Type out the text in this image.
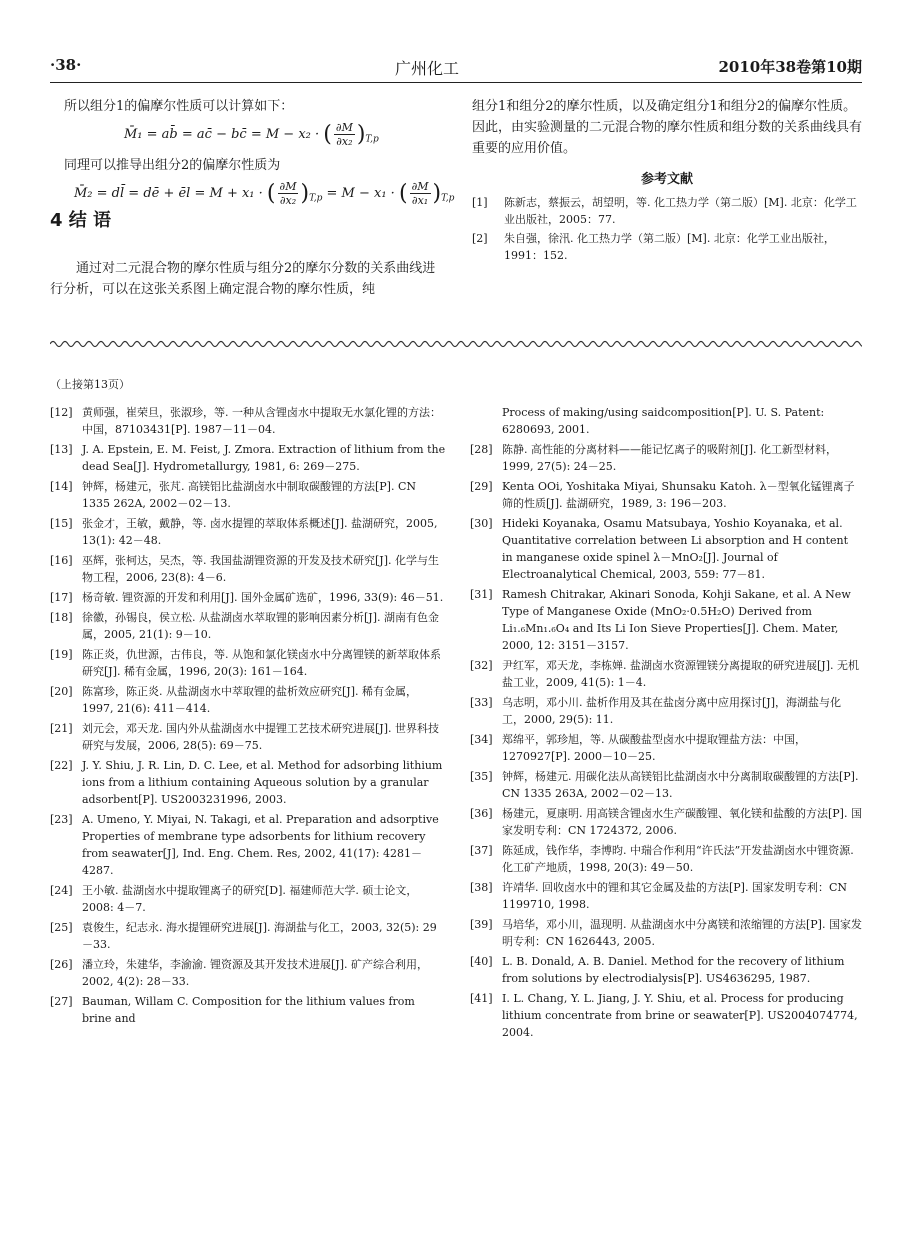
·38·	广州化工	2010年38卷第10期
所以组分1的偏摩尔性质可以计算如下：
M̄₁ = ab̄ = ac̄ − bc̄ = M − x₂ · ( $\frac{\partial M}{\text{∂x₂}} )_{T,p}$
同理可以推导出组分2的偏摩尔性质为
M̄₂ = dl̄ = dē + ēl = M + x₁ · ( $\frac{\partial M}{\text{∂x₂}} )_{T,p} = M - x_1$ · ( $\frac{\partial M}{\text{∂x₁}} )_{T,p}$
4 结 语
通过对二元混合物的摩尔性质与组分2的摩尔分数的关系曲线进行分析，可以在这张关系图上确定混合物的摩尔性质，纯
组分1和组分2的摩尔性质，以及确定组分1和组分2的偏摩尔性质。因此，由实验测量的二元混合物的摩尔性质和组分数的关系曲线具有重要的应用价值。
参考文献
[1]	陈新志，蔡振云，胡望明，等. 化工热力学（第二版）[M]. 北京：化学工业出版社，2005：77.
[2]	朱自强，徐汛. 化工热力学（第二版）[M]. 北京：化学工业出版社，1991：152.
（上接第13页）
[12] 黄师强，崔荣旦，张淑珍，等. 一种从含锂卤水中提取无水氯化锂的方法：中国，87103431[P]. 1987－11－04.
[13] J. A. Epstein, E. M. Feist, J. Zmora. Extraction of lithium from the dead Sea[J]. Hydrometallurgy, 1981, 6: 269－275.
[14] 钟辉，杨建元，张芃. 高镁铝比盐湖卤水中制取碳酸锂的方法[P]. CN 1335 262A, 2002－02－13.
[15] 张金才，王敏，戴静，等. 卤水提锂的萃取体系概述[J]. 盐湖研究，2005, 13(1): 42－48.
[16] 巫辉，张柯达，吴杰，等. 我国盐湖锂资源的开发及技术研究[J]. 化学与生物工程，2006, 23(8): 4－6.
[17] 杨奇敏. 锂资源的开发和利用[J]. 国外金属矿选矿，1996, 33(9): 46－51.
[18] 徐徽，孙锡良，侯立松. 从盐湖卤水萃取锂的影响因素分析[J]. 湖南有色金属，2005, 21(1): 9－10.
[19] 陈正炎，仇世源，古伟良，等. 从饱和氯化镁卤水中分离锂镁的新萃取体系研究[J]. 稀有金属，1996, 20(3): 161－164.
[20] 陈富珍，陈正炎. 从盐湖卤水中萃取锂的盐析效应研究[J]. 稀有金属，1997, 21(6): 411－414.
[21] 刘元会，邓天龙. 国内外从盐湖卤水中提锂工艺技术研究进展[J]. 世界科技研究与发展，2006, 28(5): 69－75.
[22] J. Y. Shiu, J. R. Lin, D. C. Lee, et al. Method for adsorbing lithium ions from a lithium containing Aqueous solution by a granular adsorbent[P]. US2003231996, 2003.
[23] A. Umeno, Y. Miyai, N. Takagi, et al. Preparation and adsorptive Properties of membrane type adsorbents for lithium recovery from seawater[J], Ind. Eng. Chem. Res, 2002, 41(17): 4281－4287.
[24] 王小敏. 盐湖卤水中提取锂离子的研究[D]. 福建师范大学. 硕士论文，2008: 4－7.
[25] 袁俊生，纪志永. 海水提锂研究进展[J]. 海湖盐与化工，2003, 32(5): 29－33.
[26] 潘立玲，朱建华，李渝渝. 锂资源及其开发技术进展[J]. 矿产综合利用，2002, 4(2): 28－33.
[27] Bauman, Willam C. Composition for the lithium values from brine and
Process of making/using saidcomposition[P]. U. S. Patent: 6280693, 2001.
[28] 陈静. 高性能的分离材料——能记忆离子的吸附剂[J]. 化工新型材料，1999, 27(5): 24－25.
[29] Kenta OOi, Yoshitaka Miyai, Shunsaku Katoh. λ－型氧化锰锂离子筛的性质[J]. 盐湖研究，1989, 3: 196－203.
[30] Hideki Koyanaka, Osamu Matsubaya, Yoshio Koyanaka, et al. Quantitative correlation between Li absorption and H content in manganese oxide spinel λ－MnO₂[J]. Journal of Electroanalytical Chemical, 2003, 559: 77－81.
[31] Ramesh Chitrakar, Akinari Sonoda, Kohji Sakane, et al. A New Type of Manganese Oxide (MnO₂·0.5H₂O) Derived from Li₁.₆Mn₁.₆O₄ and Its Li Ion Sieve Properties[J]. Chem. Mater, 2000, 12: 3151－3157.
[32] 尹红军，邓天龙，李栋婵. 盐湖卤水资源锂镁分离提取的研究进展[J]. 无机盐工业，2009, 41(5): 1－4.
[33] 乌志明，邓小川. 盐析作用及其在盐卤分离中应用探讨[J]，海湖盐与化工，2000, 29(5): 11.
[34] 郑绵平，郭珍旭，等. 从碳酸盐型卤水中提取锂盐方法：中国，1270927[P]. 2000－10－25.
[35] 钟辉，杨建元. 用碳化法从高镁铝比盐湖卤水中分离制取碳酸锂的方法[P]. CN 1335 263A, 2002－02－13.
[36] 杨建元，夏康明. 用高镁含锂卤水生产碳酸锂、氧化镁和盐酸的方法[P]. 国家发明专利：CN 1724372, 2006.
[37] 陈延成，钱作华，李博昀. 中瑞合作利用“许氏法”开发盐湖卤水中锂资源. 化工矿产地质，1998, 20(3): 49－50.
[38] 许靖华. 回收卤水中的锂和其它金属及盐的方法[P]. 国家发明专利：CN 1199710, 1998.
[39] 马培华，邓小川，温现明. 从盐湖卤水中分离镁和浓缩锂的方法[P]. 国家发明专利：CN 1626443, 2005.
[40] L. B. Donald, A. B. Daniel. Method for the recovery of lithium from solutions by electrodialysis[P]. US4636295, 1987.
[41] I. L. Chang, Y. L. Jiang, J. Y. Shiu, et al. Process for producing lithium concentrate from brine or seawater[P]. US2004074774, 2004.
